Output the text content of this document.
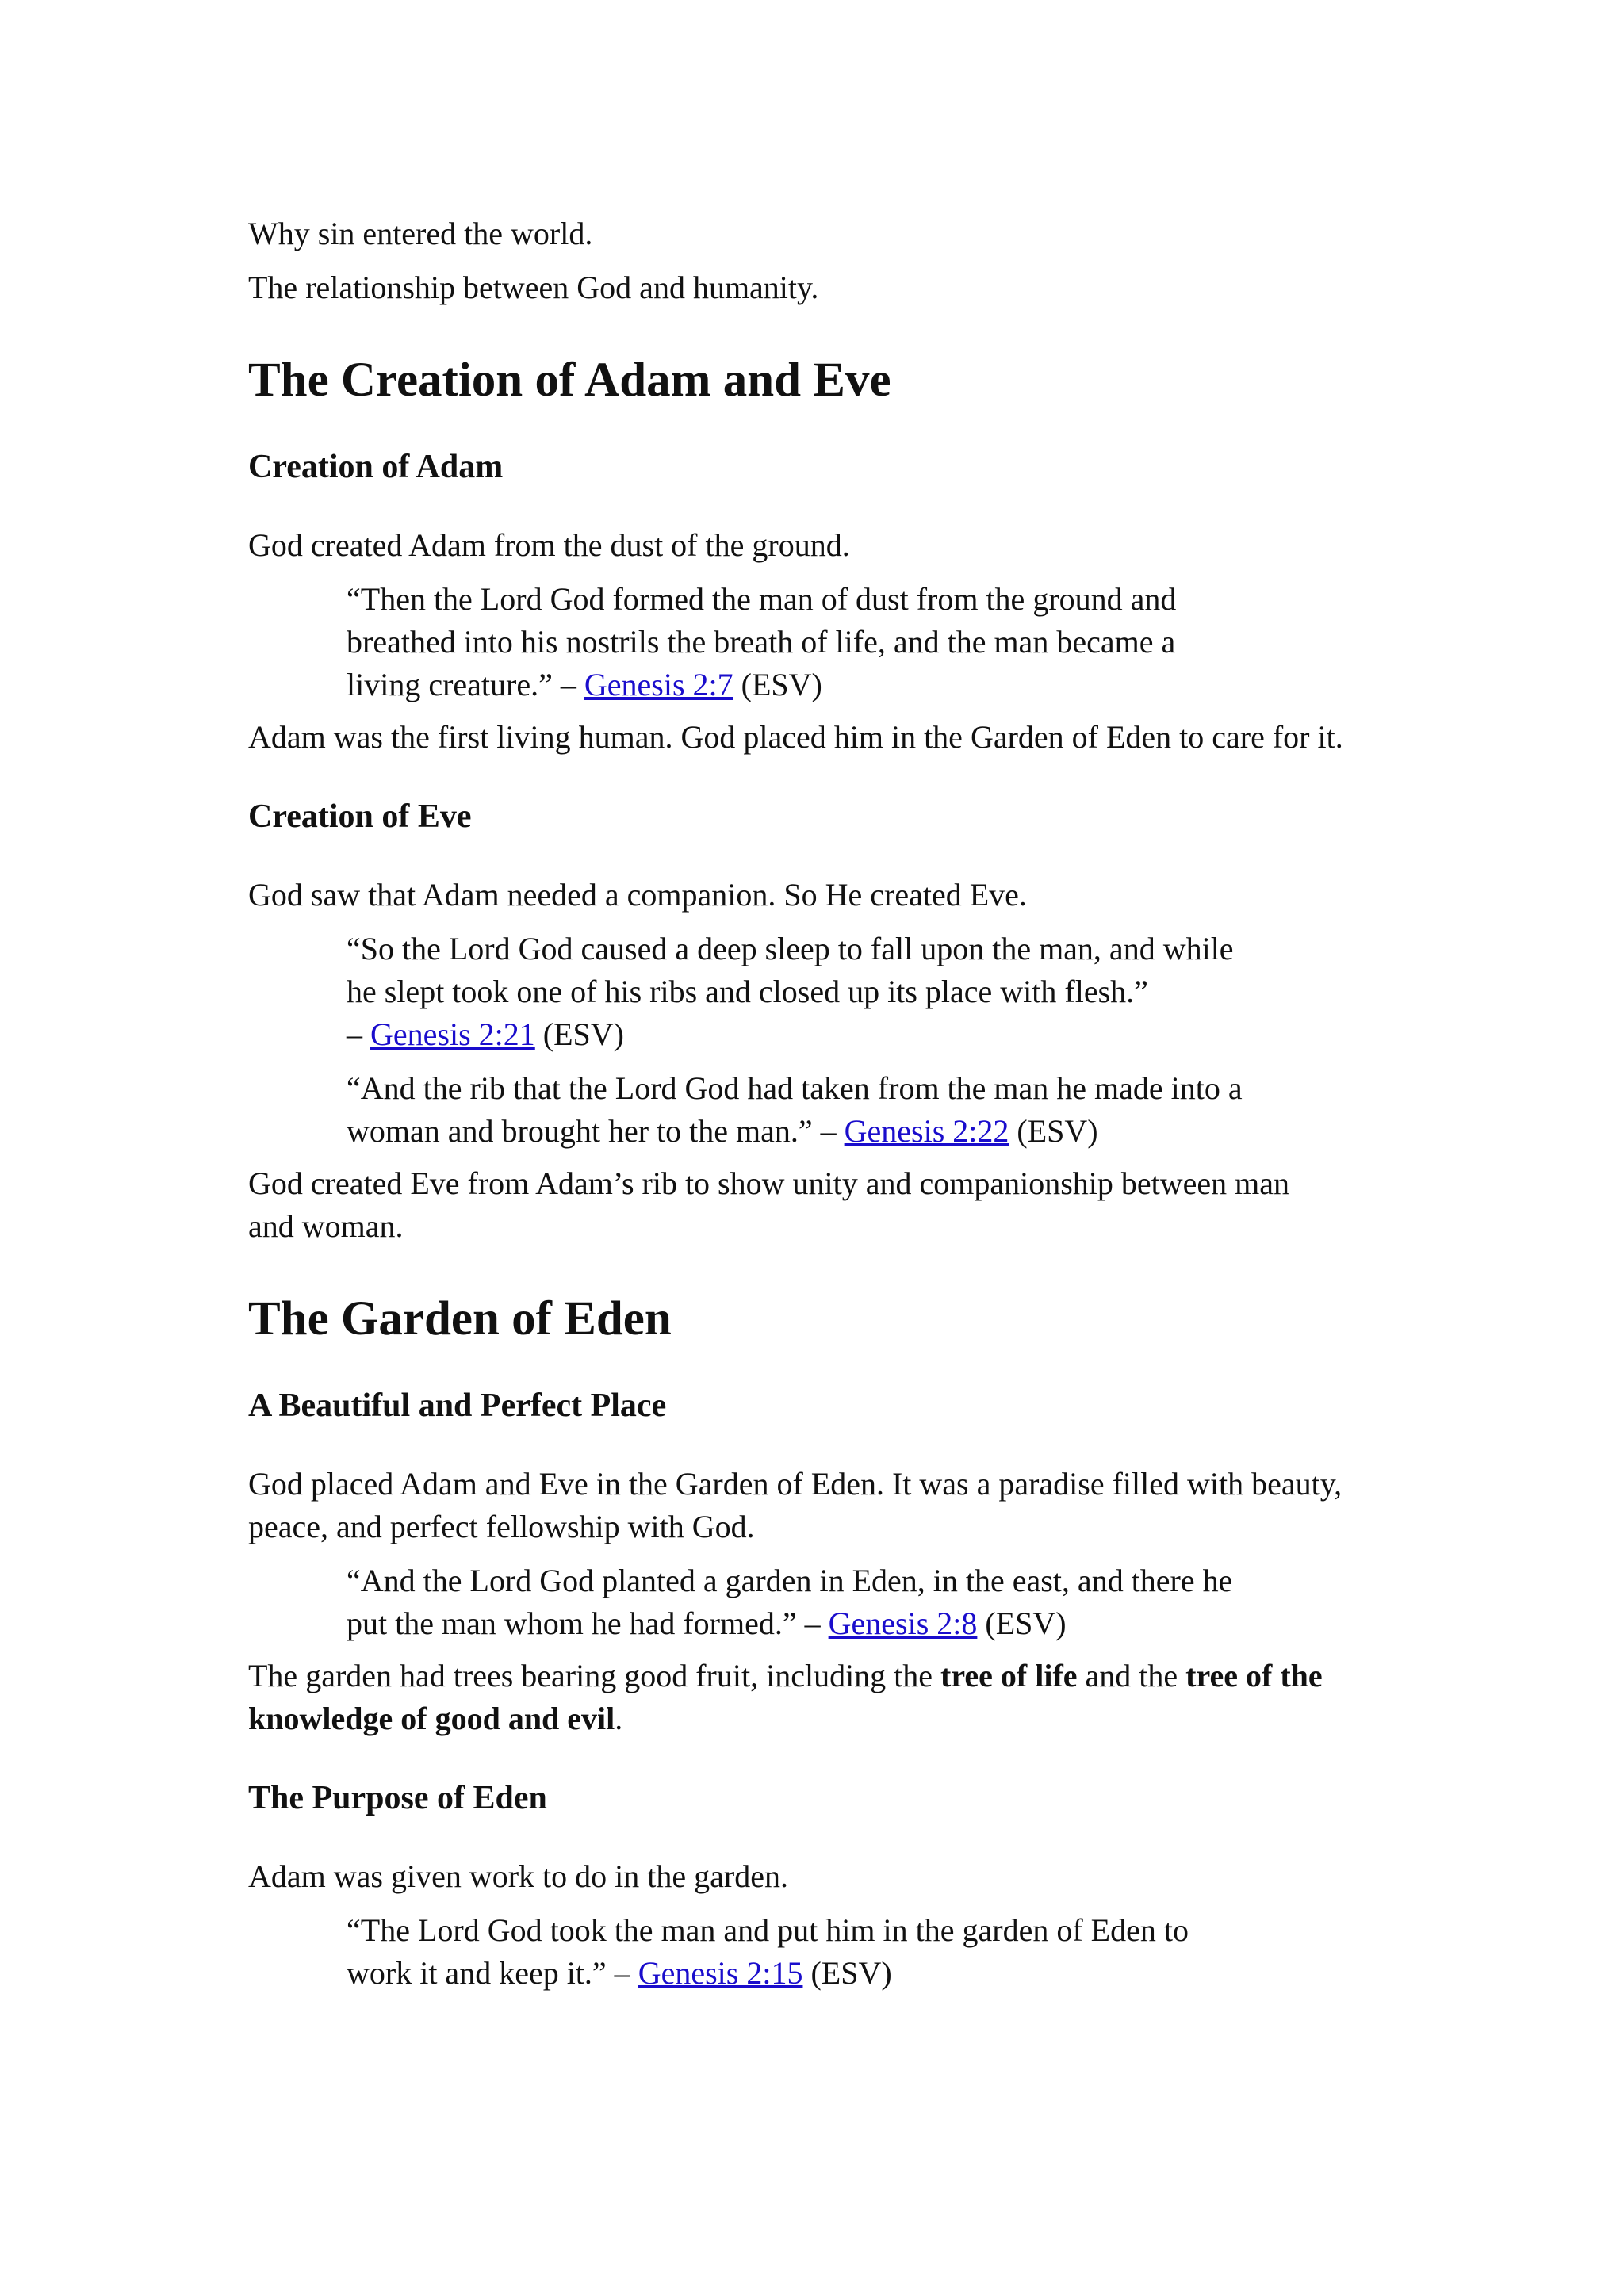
Why sin entered the world.

The relationship between God and humanity.

The Creation of Adam and Eve
Creation of Adam

God created Adam from the dust of the ground.

“Then the Lord God formed the man of dust from the ground and

breathed into his nostrils the breath of life, and the man became a

living creature.” – Genesis 2:7 (ESV)

Adam was the first living human. God placed him in the Garden of Eden to care for it.

Creation of Eve

God saw that Adam needed a companion. So He created Eve.

“So the Lord God caused a deep sleep to fall upon the man, and while

he slept took one of his ribs and closed up its place with flesh.”

– Genesis 2:21 (ESV)

“And the rib that the Lord God had taken from the man he made into a

woman and brought her to the man.” – Genesis 2:22 (ESV)

God created Eve from Adam’s rib to show unity and companionship between man

and woman.

The Garden of Eden
A Beautiful and Perfect Place

God placed Adam and Eve in the Garden of Eden. It was a paradise filled with beauty,

peace, and perfect fellowship with God.

“And the Lord God planted a garden in Eden, in the east, and there he

put the man whom he had formed.” – Genesis 2:8 (ESV)

The garden had trees bearing good fruit, including the tree of life and the tree of the

knowledge of good and evil.

The Purpose of Eden

Adam was given work to do in the garden.

“The Lord God took the man and put him in the garden of Eden to

work it and keep it.” – Genesis 2:15 (ESV)
